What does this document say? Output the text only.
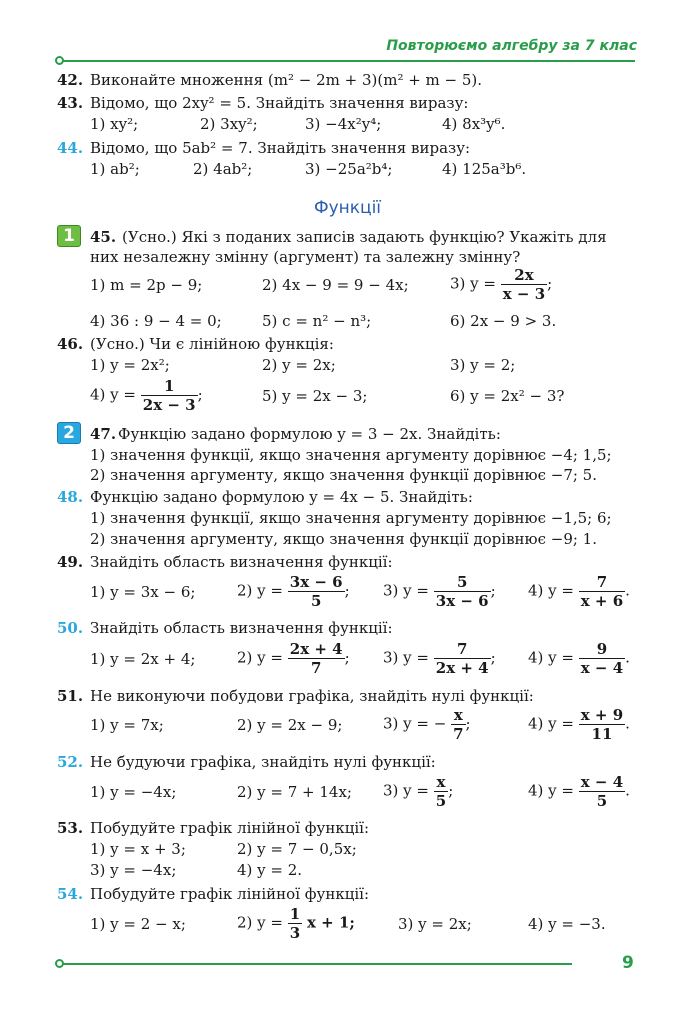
Повторюємо алгебру за 7 клас
42. Виконайте множення (m² − 2m + 3)(m² + m − 5).
43. Відомо, що 2xy² = 5. Знайдіть значення виразу:
1) xy²;	2) 3xy²;	3) −4x²y⁴;	4) 8x³y⁶.
44. Відомо, що 5ab² = 7. Знайдіть значення виразу:
1) ab²;	2) 4ab²;	3) −25a²b⁴;	4) 125a³b⁶.
Функції
1	45. (Усно.) Які з поданих записів задають функцію? Укажіть для
них незалежну змінну (аргумент) та залежну змінну?
1) m = 2p − 9;	2) 4x − 9 = 9 − 4x;	3) $y = \frac{2x}{x - 3}$ ;
4) 36 : 9 − 4 = 0;	5) c = n² − n³;	6) 2x − 9 > 3.
46. (Усно.) Чи є лінійною функція:
1) y = 2x²;	2) y = 2x;	3) y = 2;
4) $y = \frac{1}{2x - 3}$ ;	5) y = 2x − 3;	6) y = 2x² − 3?
2	47. Функцію задано формулою y = 3 − 2x. Знайдіть:
1) значення функції, якщо значення аргументу дорівнює −4; 1,5;
2) значення аргументу, якщо значення функції дорівнює −7; 5.
48. Функцію задано формулою y = 4x − 5. Знайдіть:
1) значення функції, якщо значення аргументу дорівнює −1,5; 6;
2) значення аргументу, якщо значення функції дорівнює −9; 1.
49. Знайдіть область визначення функції:
1) y = 3x − 6;	2) $y = \frac{3x - 6}{5}$ ; 3) $y = \frac{5}{3x - 6}$ ; 4) $y = \frac{7}{x + 6}$ .
50. Знайдіть область визначення функції:
1) y = 2x + 4;	2) $y = \frac{2x + 4}{7}$ ; 3) $y = \frac{7}{2x + 4}$ ; 4) $y = \frac{9}{x - 4}$ .
51. Не виконуючи побудови графіка, знайдіть нулі функції:
1) y = 7x;	2) y = 2x − 9;	3) y = − $\frac{x}{7}$ ;	4) $y = \frac{x + 9}{11}$ .
52. Не будуючи графіка, знайдіть нулі функції:
1) y = −4x;	2) y = 7 + 14x; 3) $y = \frac{x}{5}$ ;	4) $y = \frac{x - 4}{5}$ .
53. Побудуйте графік лінійної функції:
1) y = x + 3;	2) y = 7 − 0,5x;
3) y = −4x;	4) y = 2.
54. Побудуйте графік лінійної функції:
1) y = 2 − x;	2) $y = \frac{1}{3}$ x + 1;	3) y = 2x;	4) y = −3.
9
